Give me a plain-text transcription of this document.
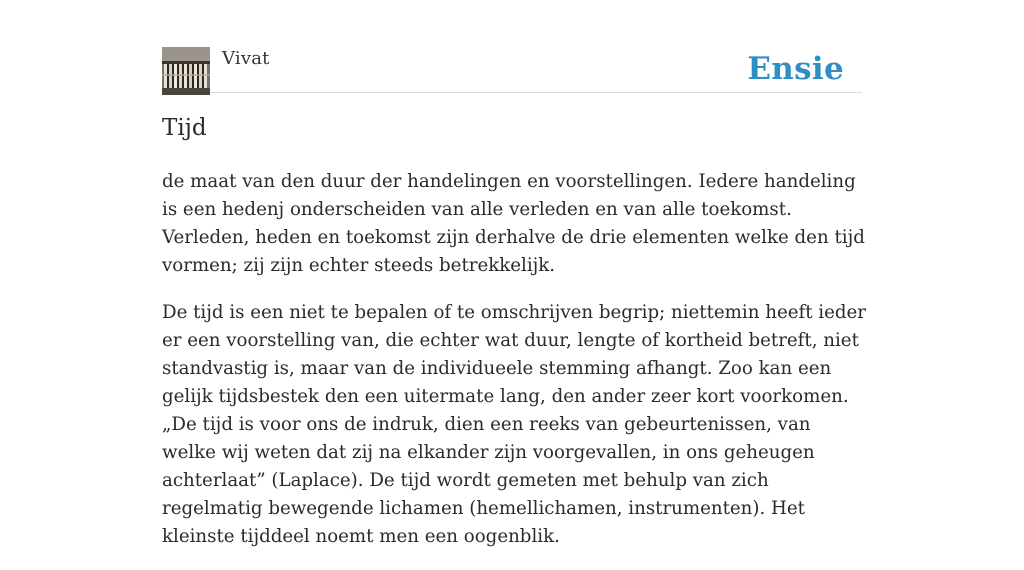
Vivat	Ensie
Tijd

de maat van den duur der handelingen en voorstellingen. Iedere handeling is een hedenj onderscheiden van alle verleden en van alle toekomst. Verleden, heden en toekomst zijn derhalve de drie elementen welke den tijd vormen; zij zijn echter steeds betrekkelijk.

De tijd is een niet te bepalen of te omschrijven begrip; niettemin heeft ieder er een voorstelling van, die echter wat duur, lengte of kortheid betreft, niet standvastig is, maar van de individueele stemming afhangt. Zoo kan een gelijk tijdsbestek den een uitermate lang, den ander zeer kort voorkomen. „De tijd is voor ons de indruk, dien een reeks van gebeurtenissen, van welke wij weten dat zij na elkander zijn voorgevallen, in ons geheugen achterlaat” (Laplace). De tijd wordt gemeten met behulp van zich regelmatig bewegende lichamen (hemellichamen, instrumenten). Het kleinste tijddeel noemt men een oogenblik.
